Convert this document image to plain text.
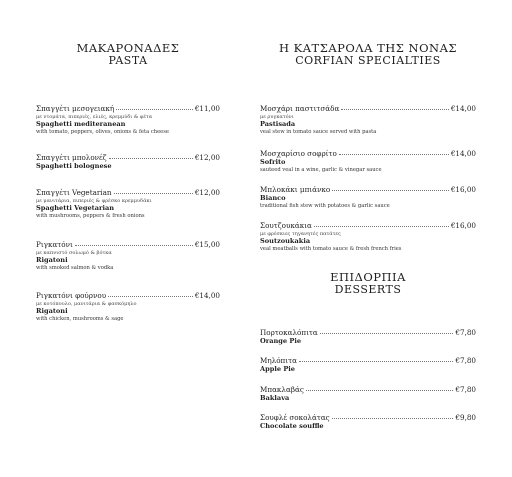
ΜΑΚΑΡΟΝΑΔΕΣ
PASTA
Σπαγγέτι μεσογειακή	€11,00
με ντομάτα, πιπεριές, ελιές, κρεμμύδι & φέτα
Spaghetti mediteranean
with tomato, peppers, olives, onions & feta cheese
Σπαγγέτι μπολονέζ	€12,00
Spaghetti bolognese
Σπαγγέτι Vegetarian	€12,00
με μανιτάρια, πιπεριές & φρέσκο κρεμμυδάκι
Spaghetti Vegetarian
with mushrooms, peppers & fresh onions
Ριγκατόνι	€15,00
με καπνιστό σολωμό & βότκα
Rigatoni
with smoked salmon & vodka
Ριγκατόνι φούρνου	€14,00
με κοτόπουλο, μανιτάρια & φασκόμηλο
Rigatoni
with chicken, mushrooms & sage
Η ΚΑΤΣΑΡΟΛΑ ΤΗΣ ΝΟΝΑΣ
CORFIAN SPECIALTIES
Μοσχάρι παστιτσάδα	€14,00
με ρυγκατόνι
Pastisada
veal stew in tomato sauce served with pasta
Μοσχαρίσιο σοφρίτο	€14,00
Sofrito
sauteed veal in a wine, garlic & vinegar sauce
Μπλοκάκι μπιάνκο	€16,00
Bianco
traditional fish stew with potatoes & garlic sauce
Σουτζουκάκια	€16,00
με φρέσκιες τηγανητές πατάτες
Soutzoukakia
veal meatballs with tomato sauce & fresh french fries
ΕΠΙΔΟΡΠΙΑ
DESSERTS
Πορτοκαλόπιτα	€7,80
Orange Pie
Μηλόπιτα	€7,80
Apple Pie
Μπακλαβάς	€7,80
Baklava
Σουφλέ σοκολάτας	€9,80
Chocolate souffle
